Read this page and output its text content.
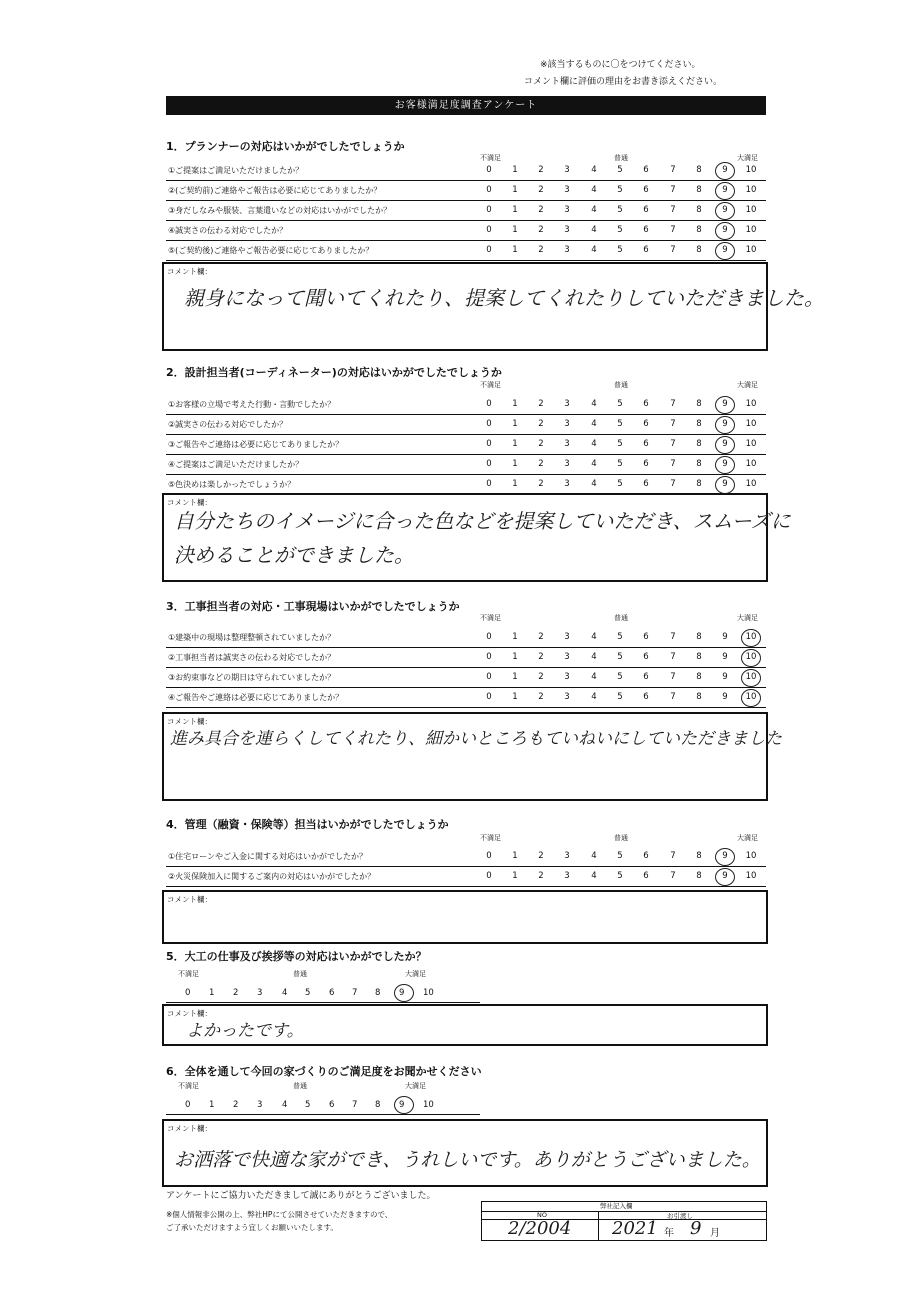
※該当するものに〇をつけてください。
コメント欄に評価の理由をお書き添えください。
お客様満足度調査アンケート
1．プランナーの対応はいかがでしたでしょうか
不満足	普通	大満足
①ご提案はご満足いただけましたか？	0	1	2	3	4	5	6	7	8	9	10
②(ご契約前)ご連絡やご報告は必要に応じてありましたか？	0	1	2	3	4	5	6	7	8	9	10
③身だしなみや服装、言葉遣いなどの対応はいかがでしたか？	0	1	2	3	4	5	6	7	8	9	10
④誠実さの伝わる対応でしたか？	0	1	2	3	4	5	6	7	8	9	10
⑤(ご契約後)ご連絡やご報告必要に応じてありましたか？	0	1	2	3	4	5	6	7	8	9	10
コメント欄：
親身になって聞いてくれたり、提案してくれたりしていただきました。
2．設計担当者(コーディネーター)の対応はいかがでしたでしょうか
不満足	普通	大満足
①お客様の立場で考えた行動・言動でしたか？	0	1	2	3	4	5	6	7	8	9	10
②誠実さの伝わる対応でしたか？	0	1	2	3	4	5	6	7	8	9	10
③ご報告やご連絡は必要に応じてありましたか？	0	1	2	3	4	5	6	7	8	9	10
④ご提案はご満足いただけましたか？	0	1	2	3	4	5	6	7	8	9	10
⑤色決めは楽しかったでしょうか？	0	1	2	3	4	5	6	7	8	9	10
コメント欄：
自分たちのイメージに合った色などを提案していただき、スムーズに
決めることができました。
3．工事担当者の対応・工事現場はいかがでしたでしょうか
不満足	普通	大満足
①建築中の現場は整理整頓されていましたか？	0	1	2	3	4	5	6	7	8	9	10
②工事担当者は誠実さの伝わる対応でしたか？	0	1	2	3	4	5	6	7	8	9	10
③お約束事などの期日は守られていましたか？	0	1	2	3	4	5	6	7	8	9	10
④ご報告やご連絡は必要に応じてありましたか？	0	1	2	3	4	5	6	7	8	9	10
コメント欄：
進み具合を連らくしてくれたり、細かいところもていねいにしていただきました
4．管理（融資・保険等）担当はいかがでしたでしょうか
不満足	普通	大満足
①住宅ローンやご入金に関する対応はいかがでしたか？	0	1	2	3	4	5	6	7	8	9	10
②火災保険加入に関するご案内の対応はいかがでしたか？	0	1	2	3	4	5	6	7	8	9	10
コメント欄：
5．大工の仕事及び挨拶等の対応はいかがでしたか？
不満足	普通	大満足
0 1 2 3 4 5 6 7 8 9 10
コメント欄：
よかったです。
6．全体を通して今回の家づくりのご満足度をお聞かせください
不満足	普通	大満足
0 1 2 3 4 5 6 7 8 9 10
コメント欄：
お洒落で快適な家ができ、うれしいです。ありがとうございました。
アンケートにご協力いただきまして誠にありがとうございました。
※個人情報非公開の上、弊社HPにて公開させていただきますので、
ご了承いただけますよう宜しくお願いいたします。
弊社記入欄
NO	お引渡し
2/2004 2021 年 9 月
